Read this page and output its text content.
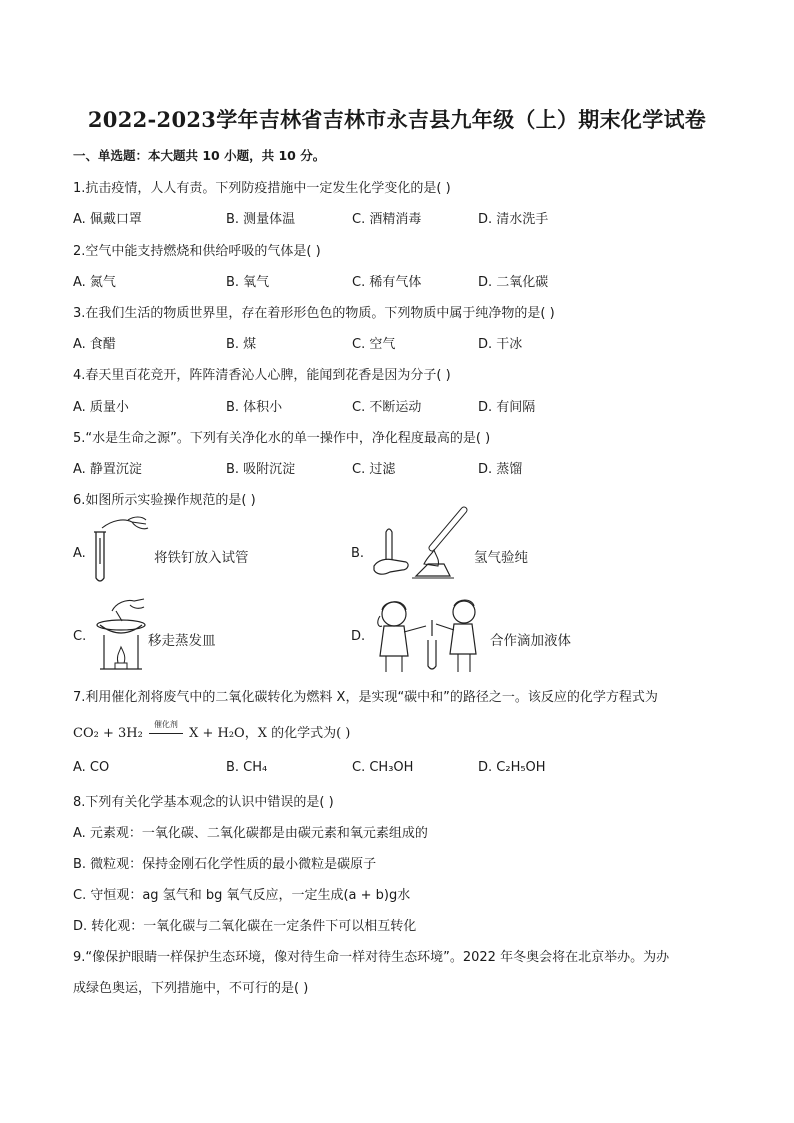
2022-2023学年吉林省吉林市永吉县九年级（上）期末化学试卷
一、单选题：本大题共 10 小题，共 10 分。
1.抗击疫情，人人有责。下列防疫措施中一定发生化学变化的是( )
A. 佩戴口罩	B. 测量体温	C. 酒精消毒	D. 清水洗手
2.空气中能支持燃烧和供给呼吸的气体是( )
A. 氮气	B. 氧气	C. 稀有气体	D. 二氧化碳
3.在我们生活的物质世界里，存在着形形色色的物质。下列物质中属于纯净物的是( )
A. 食醋	B. 煤	C. 空气	D. 干冰
4.春天里百花竞开，阵阵清香沁人心脾，能闻到花香是因为分子( )
A. 质量小	B. 体积小	C. 不断运动	D. 有间隔
5.“水是生命之源”。下列有关净化水的单一操作中，净化程度最高的是( )
A. 静置沉淀	B. 吸附沉淀	C. 过滤	D. 蒸馏
6.如图所示实验操作规范的是( )
A.	将铁钉放入试管	B.	氢气验纯
C.	移走蒸发皿	D.	合作滴加液体
7.利用催化剂将废气中的二氧化碳转化为燃料 X，是实现“碳中和”的路径之一。该反应的化学方程式为
CO₂ + 3H₂
催化剂
X + H₂O，X 的化学式为( )
A. CO	B. CH₄	C. CH₃OH	D. C₂H₅OH
8.下列有关化学基本观念的认识中错误的是( )
A. 元素观：一氧化碳、二氧化碳都是由碳元素和氧元素组成的
B. 微粒观：保持金刚石化学性质的最小微粒是碳原子
C. 守恒观：ag 氢气和 bg 氧气反应，一定生成(a + b)g水
D. 转化观：一氧化碳与二氧化碳在一定条件下可以相互转化
9.“像保护眼睛一样保护生态环境，像对待生命一样对待生态环境”。2022 年冬奥会将在北京举办。为办
成绿色奥运，下列措施中，不可行的是( )
